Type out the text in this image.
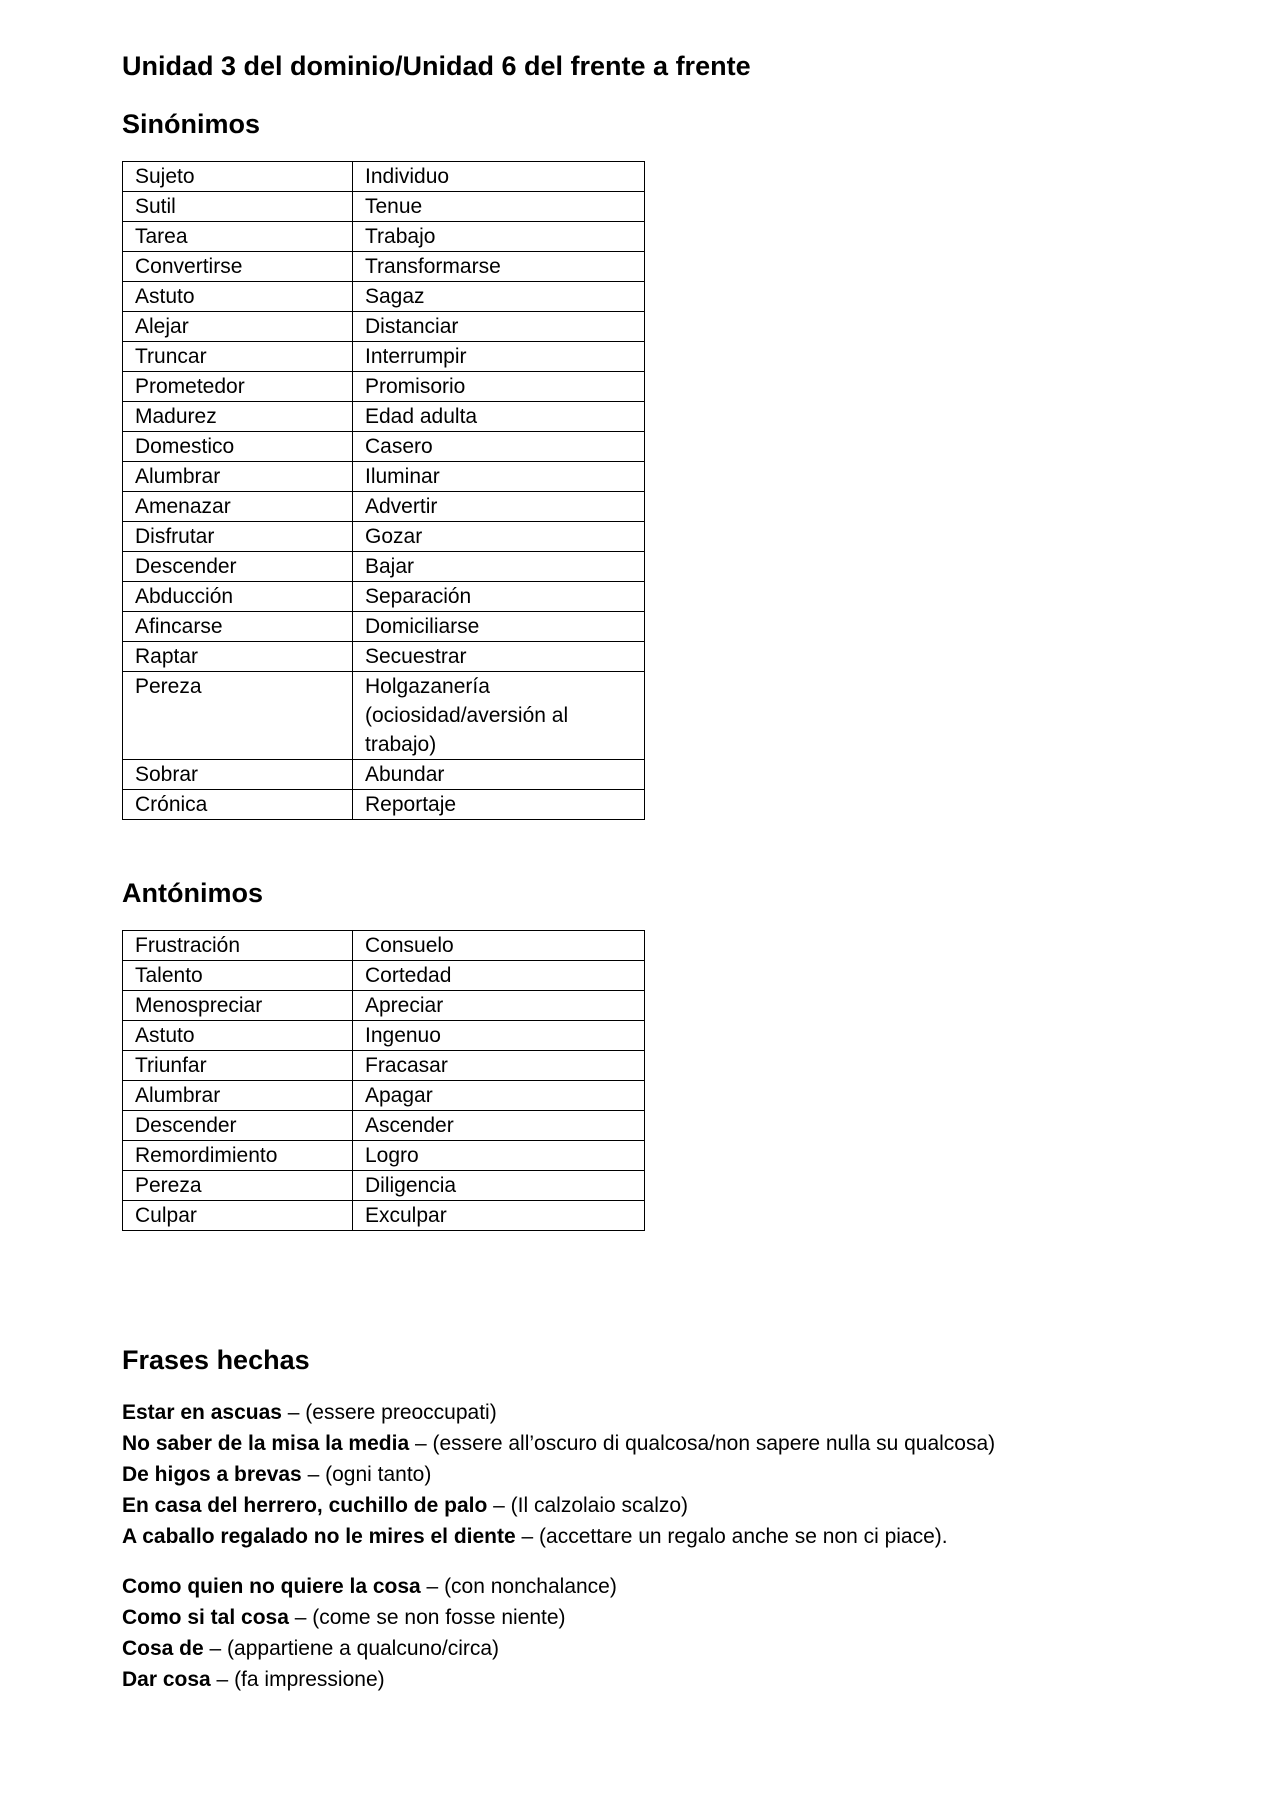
Unidad 3 del dominio/Unidad 6 del frente a frente
Sinónimos
Sujeto	Individuo
Sutil	Tenue
Tarea	Trabajo
Convertirse	Transformarse
Astuto	Sagaz
Alejar	Distanciar
Truncar	Interrumpir
Prometedor	Promisorio
Madurez	Edad adulta
Domestico	Casero
Alumbrar	Iluminar
Amenazar	Advertir
Disfrutar	Gozar
Descender	Bajar
Abducción	Separación
Afincarse	Domiciliarse
Raptar	Secuestrar
Pereza	Holgazanería (ociosidad/aversión al trabajo)
Sobrar	Abundar
Crónica	Reportaje
Antónimos
Frustración	Consuelo
Talento	Cortedad
Menospreciar	Apreciar
Astuto	Ingenuo
Triunfar	Fracasar
Alumbrar	Apagar
Descender	Ascender
Remordimiento	Logro
Pereza	Diligencia
Culpar	Exculpar
Frases hechas
Estar en ascuas – (essere preoccupati)
No saber de la misa la media – (essere all’oscuro di qualcosa/non sapere nulla su qualcosa)
De higos a brevas – (ogni tanto)
En casa del herrero, cuchillo de palo – (Il calzolaio scalzo)
A caballo regalado no le mires el diente – (accettare un regalo anche se non ci piace).
Como quien no quiere la cosa – (con nonchalance)
Como si tal cosa – (come se non fosse niente)
Cosa de – (appartiene a qualcuno/circa)
Dar cosa – (fa impressione)
